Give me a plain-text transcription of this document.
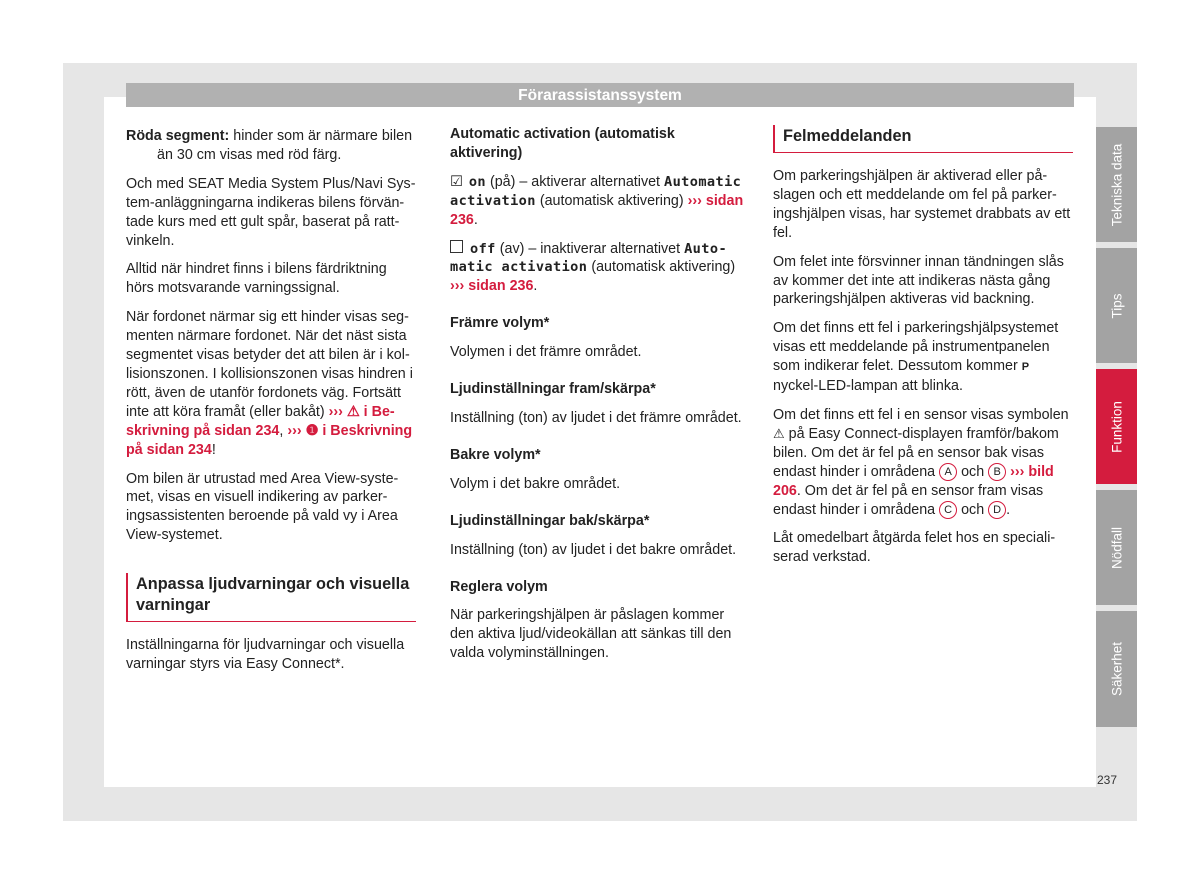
Förarassistanssystem

Röda segment: hinder som är närmare bilen
än 30 cm visas med röd färg.

Och med SEAT Media System Plus/Navi System-anläggningarna indikeras bilens förväntade kurs med ett gult spår, baserat på rattvinkeln.

Alltid när hindret finns i bilens färdriktning hörs motsvarande varningssignal.

När fordonet närmar sig ett hinder visas segmenten närmare fordonet. När det näst sista segmentet visas betyder det att bilen är i kollisionszonen. I kollisionszonen visas hindren i rött, även de utanför fordonets väg. Fortsätt inte att köra framåt (eller bakåt) ››› ⚠ i Beskrivning på sidan 234, ››› ❶ i Beskrivning på sidan 234!

Om bilen är utrustad med Area View-systemet, visas en visuell indikering av parkeringsassistenten beroende på vald vy i Area View-systemet.

Anpassa ljudvarningar och visuella varningar

Inställningarna för ljudvarningar och visuella varningar styrs via Easy Connect*.

Automatic activation (automatisk aktivering)

☑ on (på) – aktiverar alternativet Automatic activation (automatisk aktivering) ››› sidan 236.

off (av) – inaktiverar alternativet Automatic activation (automatisk aktivering) ››› sidan 236.

Främre volym*

Volymen i det främre området.

Ljudinställningar fram/skärpa*

Inställning (ton) av ljudet i det främre området.

Bakre volym*

Volym i det bakre området.

Ljudinställningar bak/skärpa*

Inställning (ton) av ljudet i det bakre området.

Reglera volym

När parkeringshjälpen är påslagen kommer den aktiva ljud/videokällan att sänkas till den valda volyminställningen.

Felmeddelanden

Om parkeringshjälpen är aktiverad eller påslagen och ett meddelande om fel på parkeringshjälpen visas, har systemet drabbats av ett fel.

Om felet inte försvinner innan tändningen slås av kommer det inte att indikeras nästa gång parkeringshjälpen aktiveras vid backning.

Om det finns ett fel i parkeringshjälpsystemet visas ett meddelande på instrumentpanelen som indikerar felet. Dessutom kommer P nyckel-LED-lampan att blinka.

Om det finns ett fel i en sensor visas symbolen ⚠ på Easy Connect-displayen framför/bakom bilen. Om det är fel på en sensor bak visas endast hinder i områdena A och B ››› bild 206. Om det är fel på en sensor fram visas endast hinder i områdena C och D .

Låt omedelbart åtgärda felet hos en specialiserad verkstad.

Tekniska data
Tips
Funktion
Nödfall
Säkerhet
237
